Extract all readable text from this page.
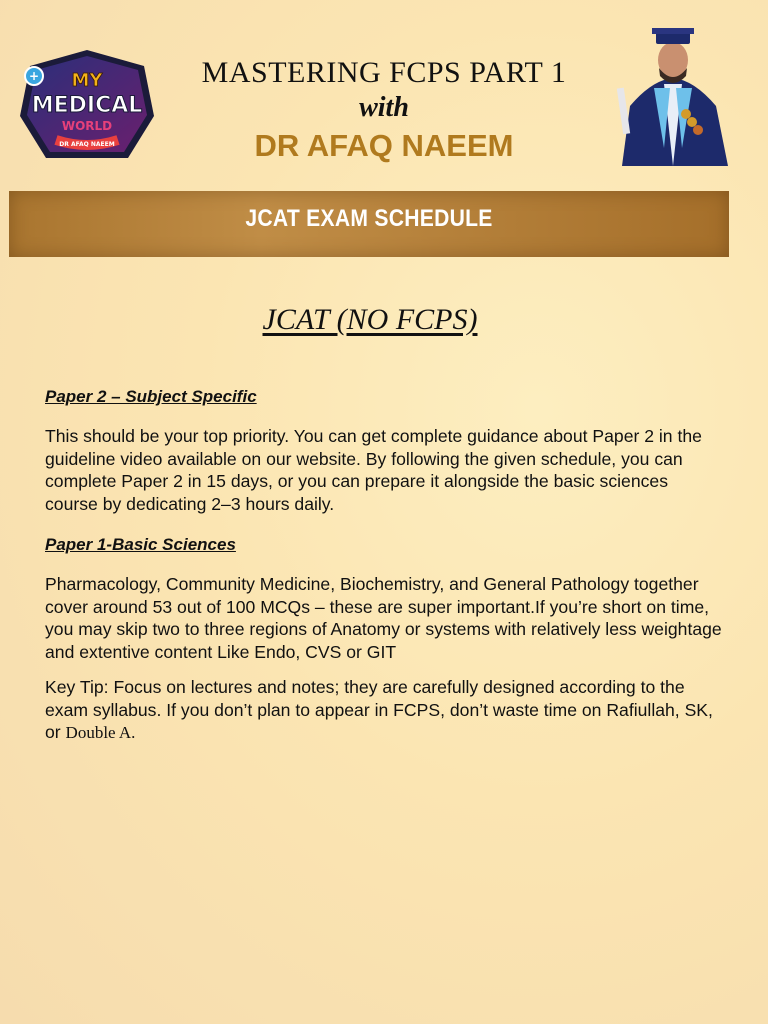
+ MY
MEDICAL
WORLD
DR AFAQ NAEEM
MASTERING FCPS PART 1
with
DR AFAQ NAEEM
JCAT EXAM SCHEDULE
JCAT (NO FCPS)
Paper 2 – Subject Specific
This should be your top priority. You can get complete guidance about Paper 2 in the guideline video available on our website. By following the given schedule, you can complete Paper 2 in 15 days, or you can prepare it alongside the basic sciences course by dedicating 2–3 hours daily.
Paper 1-Basic Sciences
Pharmacology, Community Medicine, Biochemistry, and General Pathology together cover around 53 out of 100 MCQs – these are super important.If you’re short on time, you may skip two to three regions of Anatomy or systems with relatively less weightage and extentive content Like Endo, CVS or GIT
Key Tip: Focus on lectures and notes; they are carefully designed according to the exam syllabus. If you don’t plan to appear in FCPS, don’t waste time on Rafiullah, SK, or Double A.
